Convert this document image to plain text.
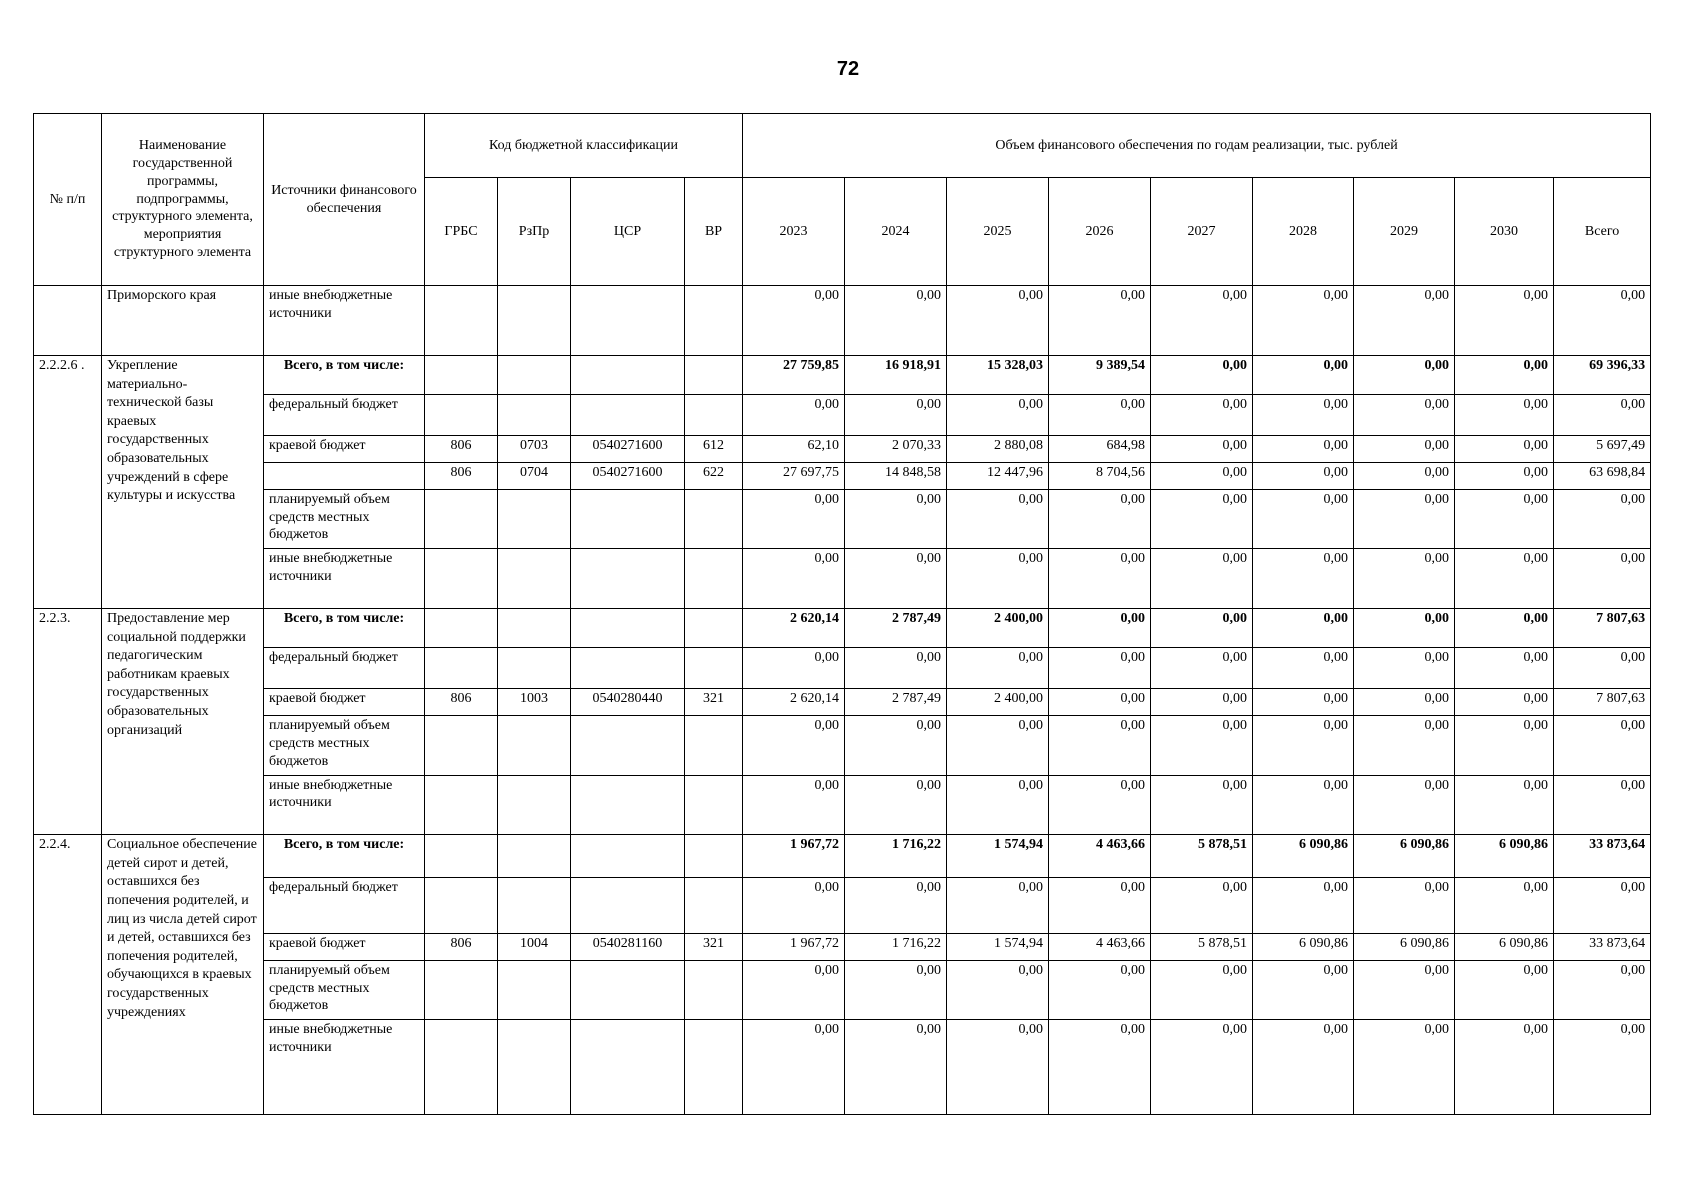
72
№ п/п	Наименование государственной программы, подпрограммы, структурного элемента, мероприятия структурного элемента	Источники финансового обеспечения	Код бюджетной классификации				Объем финансового обеспечения по годам реализации, тыс. рублей								
			ГРБС	РзПр	ЦСР	ВР	2023	2024	2025	2026	2027	2028	2029	2030	Всего
	Приморского края	иные внебюджетные источники					0,00	0,00	0,00	0,00	0,00	0,00	0,00	0,00	0,00
2.2.2.6 .	Укрепление материально-технической базы краевых государственных образовательных учреждений в сфере культуры и искусства	Всего, в том числе:					27 759,85	16 918,91	15 328,03	9 389,54	0,00	0,00	0,00	0,00	69 396,33
		федеральный бюджет					0,00	0,00	0,00	0,00	0,00	0,00	0,00	0,00	0,00
		краевой бюджет	806	0703	0540271600	612	62,10	2 070,33	2 880,08	684,98	0,00	0,00	0,00	0,00	5 697,49
			806	0704	0540271600	622	27 697,75	14 848,58	12 447,96	8 704,56	0,00	0,00	0,00	0,00	63 698,84
		планируемый объем средств местных бюджетов					0,00	0,00	0,00	0,00	0,00	0,00	0,00	0,00	0,00
		иные внебюджетные источники					0,00	0,00	0,00	0,00	0,00	0,00	0,00	0,00	0,00
2.2.3.	Предоставление мер социальной поддержки педагогическим работникам краевых государственных образовательных организаций	Всего, в том числе:					2 620,14	2 787,49	2 400,00	0,00	0,00	0,00	0,00	0,00	7 807,63
		федеральный бюджет					0,00	0,00	0,00	0,00	0,00	0,00	0,00	0,00	0,00
		краевой бюджет	806	1003	0540280440	321	2 620,14	2 787,49	2 400,00	0,00	0,00	0,00	0,00	0,00	7 807,63
		планируемый объем средств местных бюджетов					0,00	0,00	0,00	0,00	0,00	0,00	0,00	0,00	0,00
		иные внебюджетные источники					0,00	0,00	0,00	0,00	0,00	0,00	0,00	0,00	0,00
2.2.4.	Социальное обеспечение детей сирот и детей, оставшихся без попечения родителей, и лиц из числа детей сирот и детей, оставшихся без попечения родителей, обучающихся в краевых государственных учреждениях	Всего, в том числе:					1 967,72	1 716,22	1 574,94	4 463,66	5 878,51	6 090,86	6 090,86	6 090,86	33 873,64
		федеральный бюджет					0,00	0,00	0,00	0,00	0,00	0,00	0,00	0,00	0,00
		краевой бюджет	806	1004	0540281160	321	1 967,72	1 716,22	1 574,94	4 463,66	5 878,51	6 090,86	6 090,86	6 090,86	33 873,64
		планируемый объем средств местных бюджетов					0,00	0,00	0,00	0,00	0,00	0,00	0,00	0,00	0,00
		иные внебюджетные источники					0,00	0,00	0,00	0,00	0,00	0,00	0,00	0,00	0,00
